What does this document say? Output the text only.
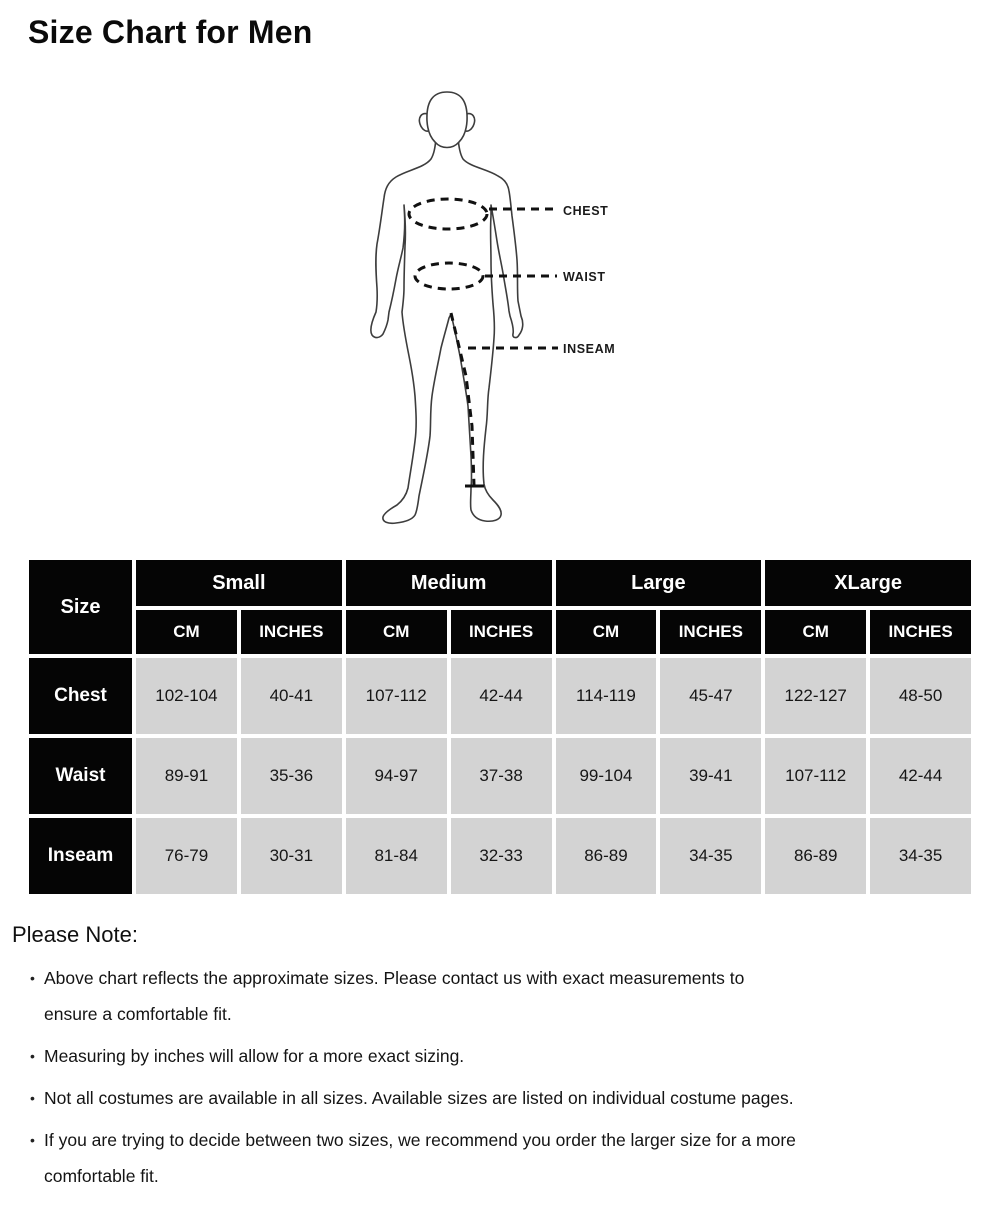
Size Chart for Men
CHEST
WAIST
INSEAM
Size	Small		Medium		Large		XLarge	
	CM	INCHES	CM	INCHES	CM	INCHES	CM	INCHES
Chest	102-104	40-41	107-112	42-44	114-119	45-47	122-127	48-50
Waist	89-91	35-36	94-97	37-38	99-104	39-41	107-112	42-44
Inseam	76-79	30-31	81-84	32-33	86-89	34-35	86-89	34-35
Please Note:
• Above chart reflects the approximate sizes. Please contact us with exact measurements to
ensure a comfortable fit.
• Measuring by inches will allow for a more exact sizing.
• Not all costumes are available in all sizes. Available sizes are listed on individual costume pages.
• If you are trying to decide between two sizes, we recommend you order the larger size for a more
comfortable fit.
